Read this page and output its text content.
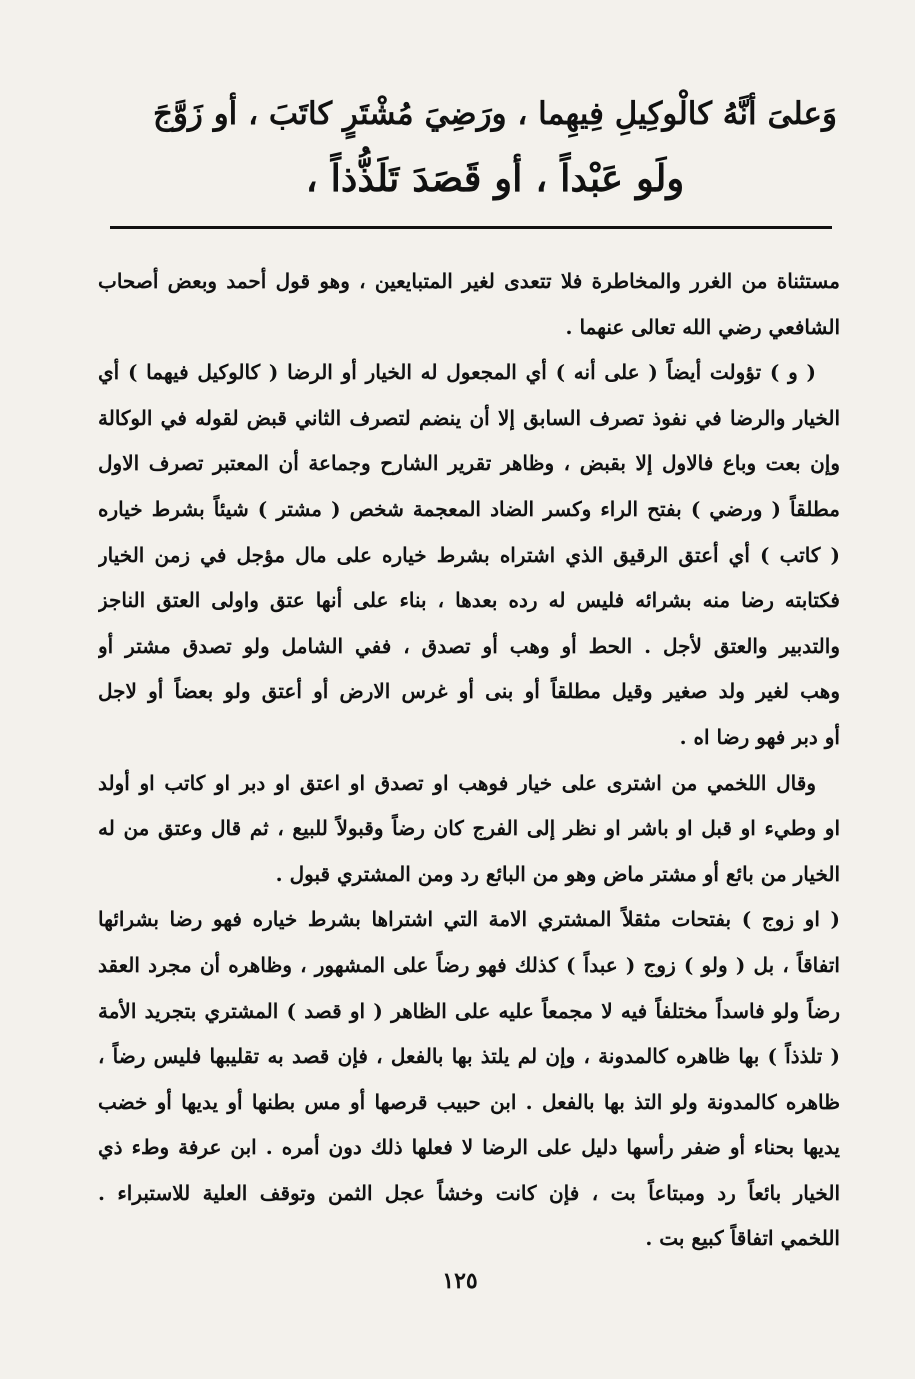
وَعلىَ أنَّهُ كالْوكِيلِ فِيهِما ، ورَضِيَ مُشْتَرٍ كاتَبَ ، أو زَوَّجَ
ولَو عَبْداً ، أو قَصَدَ تَلَذُّذاً ،
مستثناة من الغرر والمخاطرة فلا تتعدى لغير المتبايعين ، وهو قول أحمد وبعض أصحاب
الشافعي رضي الله تعالى عنهما .
( و ) تؤولت أيضاً ( على أنه ) أي المجعول له الخيار أو الرضا ( كالوكيل فيهما ) أي
الخيار والرضا في نفوذ تصرف السابق إلا أن ينضم لتصرف الثاني قبض لقوله في الوكالة
وإن بعت وباع فالاول إلا بقبض ، وظاهر تقرير الشارح وجماعة أن المعتبر تصرف الاول
مطلقاً ( ورضي ) بفتح الراء وكسر الضاد المعجمة شخص ( مشتر ) شيئاً بشرط خياره
( كاتب ) أي أعتق الرقيق الذي اشتراه بشرط خياره على مال مؤجل في زمن الخيار
فكتابته رضا منه بشرائه فليس له رده بعدها ، بناء على أنها عتق واولى العتق الناجز
والتدبير والعتق لأجل . الحط أو وهب أو تصدق ، ففي الشامل ولو تصدق مشتر أو
وهب لغير ولد صغير وقيل مطلقاً أو بنى أو غرس الارض أو أعتق ولو بعضاً أو لاجل
أو دبر فهو رضا اه .
وقال اللخمي من اشترى على خيار فوهب او تصدق او اعتق او دبر او كاتب او أولد
او وطيء او قبل او باشر او نظر إلى الفرج كان رضاً وقبولاً للبيع ، ثم قال وعتق من له
الخيار من بائع أو مشتر ماض وهو من البائع رد ومن المشتري قبول .
( او زوج ) بفتحات مثقلاً المشتري الامة التي اشتراها بشرط خياره فهو رضا بشرائها
اتفاقاً ، بل ( ولو ) زوج ( عبداً ) كذلك فهو رضاً على المشهور ، وظاهره أن مجرد العقد
رضاً ولو فاسداً مختلفاً فيه لا مجمعاً عليه على الظاهر ( او قصد ) المشتري بتجريد الأمة
( تلذذاً ) بها ظاهره كالمدونة ، وإن لم يلتذ بها بالفعل ، فإن قصد به تقليبها فليس رضاً ،
ظاهره كالمدونة ولو التذ بها بالفعل . ابن حبيب قرصها أو مس بطنها أو يديها أو خضب
يديها بحناء أو ضفر رأسها دليل على الرضا لا فعلها ذلك دون أمره . ابن عرفة وطء ذي
الخيار بائعاً رد ومبتاعاً بت ، فإن كانت وخشاً عجل الثمن وتوقف العلية للاستبراء .
اللخمي اتفاقاً كبيع بت .
١٢٥
